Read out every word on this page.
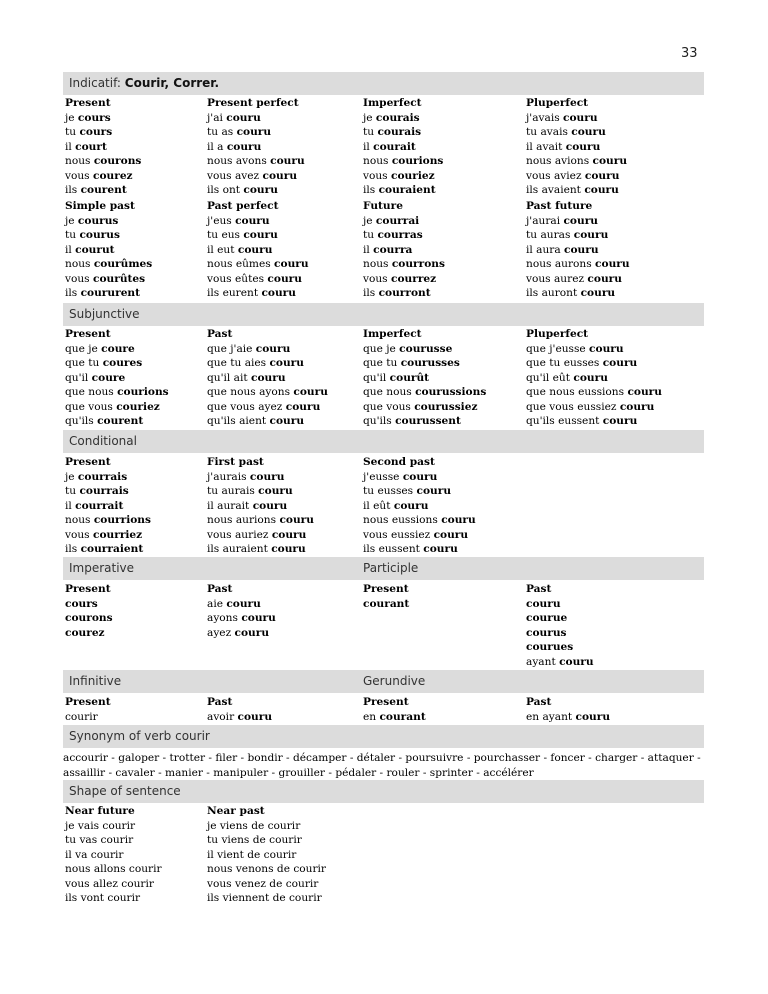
33
Indicatif: Courir, Correr.
Present
je cours
tu cours
il court
nous courons
vous courez
ils courent
Present perfect
j'ai couru
tu as couru
il a couru
nous avons couru
vous avez couru
ils ont couru
Imperfect
je courais
tu courais
il courait
nous courions
vous couriez
ils couraient
Pluperfect
j'avais couru
tu avais couru
il avait couru
nous avions couru
vous aviez couru
ils avaient couru
Simple past
je courus
tu courus
il courut
nous courûmes
vous courûtes
ils coururent
Past perfect
j'eus couru
tu eus couru
il eut couru
nous eûmes couru
vous eûtes couru
ils eurent couru
Future
je courrai
tu courras
il courra
nous courrons
vous courrez
ils courront
Past future
j'aurai couru
tu auras couru
il aura couru
nous aurons couru
vous aurez couru
ils auront couru
Subjunctive
Present
que je coure
que tu coures
qu'il coure
que nous courions
que vous couriez
qu'ils courent
Past
que j'aie couru
que tu aies couru
qu'il ait couru
que nous ayons couru
que vous ayez couru
qu'ils aient couru
Imperfect
que je courusse
que tu courusses
qu'il courût
que nous courussions
que vous courussiez
qu'ils courussent
Pluperfect
que j'eusse couru
que tu eusses couru
qu'il eût couru
que nous eussions couru
que vous eussiez couru
qu'ils eussent couru
Conditional
Present
je courrais
tu courrais
il courrait
nous courrions
vous courriez
ils courraient
First past
j'aurais couru
tu aurais couru
il aurait couru
nous aurions couru
vous auriez couru
ils auraient couru
Second past
j'eusse couru
tu eusses couru
il eût couru
nous eussions couru
vous eussiez couru
ils eussent couru
Imperative	Participle
Present
cours
courons
courez
Past
aie couru
ayons couru
ayez couru
Present
courant
Past
couru
courue
courus
courues
ayant couru
Infinitive	Gerundive
Present
courir
Past
avoir couru
Present
en courant
Past
en ayant couru
Synonym of verb courir
accourir - galoper - trotter - filer - bondir - décamper - détaler - poursuivre - pourchasser - foncer - charger - attaquer - assaillir - cavaler - manier - manipuler - grouiller - pédaler - rouler - sprinter - accélérer
Shape of sentence
Near future
je vais courir
tu vas courir
il va courir
nous allons courir
vous allez courir
ils vont courir
Near past
je viens de courir
tu viens de courir
il vient de courir
nous venons de courir
vous venez de courir
ils viennent de courir
